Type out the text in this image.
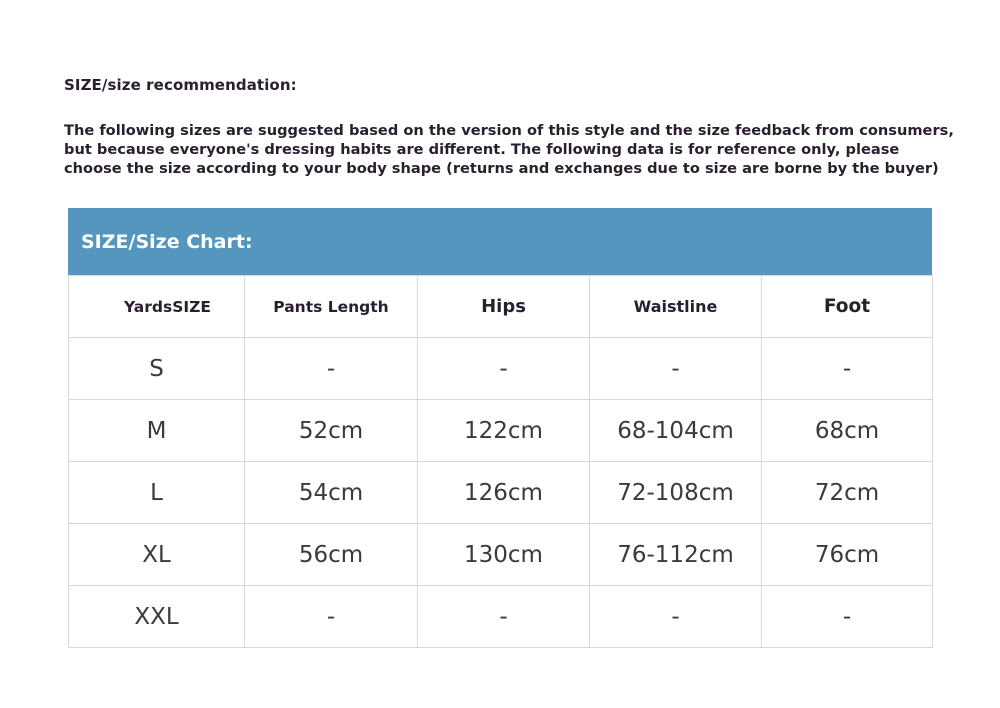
SIZE/size recommendation:
The following sizes are suggested based on the version of this style and the size feedback from consumers,
but because everyone's dressing habits are different. The following data is for reference only, please
choose the size according to your body shape (returns and exchanges due to size are borne by the buyer)
SIZE/Size Chart:
YardsSIZE	Pants Length	Hips	Waistline	Foot
S	-	-	-	-
M	52cm	122cm	68-104cm	68cm
L	54cm	126cm	72-108cm	72cm
XL	56cm	130cm	76-112cm	76cm
XXL	-	-	-	-
